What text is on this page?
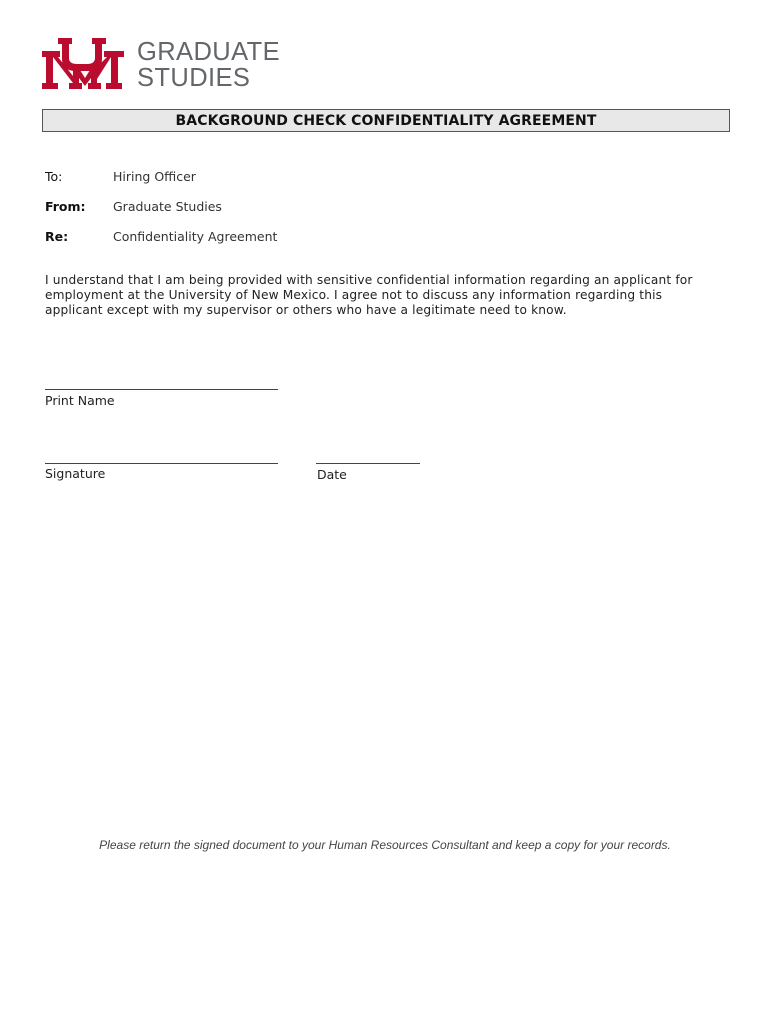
GRADUATE
STUDIES
BACKGROUND CHECK CONFIDENTIALITY AGREEMENT
To:	Hiring Officer
From: Graduate Studies
Re:	Confidentiality Agreement
I understand that I am being provided with sensitive confidential information regarding an applicant for
employment at the University of New Mexico. I agree not to discuss any information regarding this
applicant except with my supervisor or others who have a legitimate need to know.
Print Name
Signature	Date
Please return the signed document to your Human Resources Consultant and keep a copy for your records.
